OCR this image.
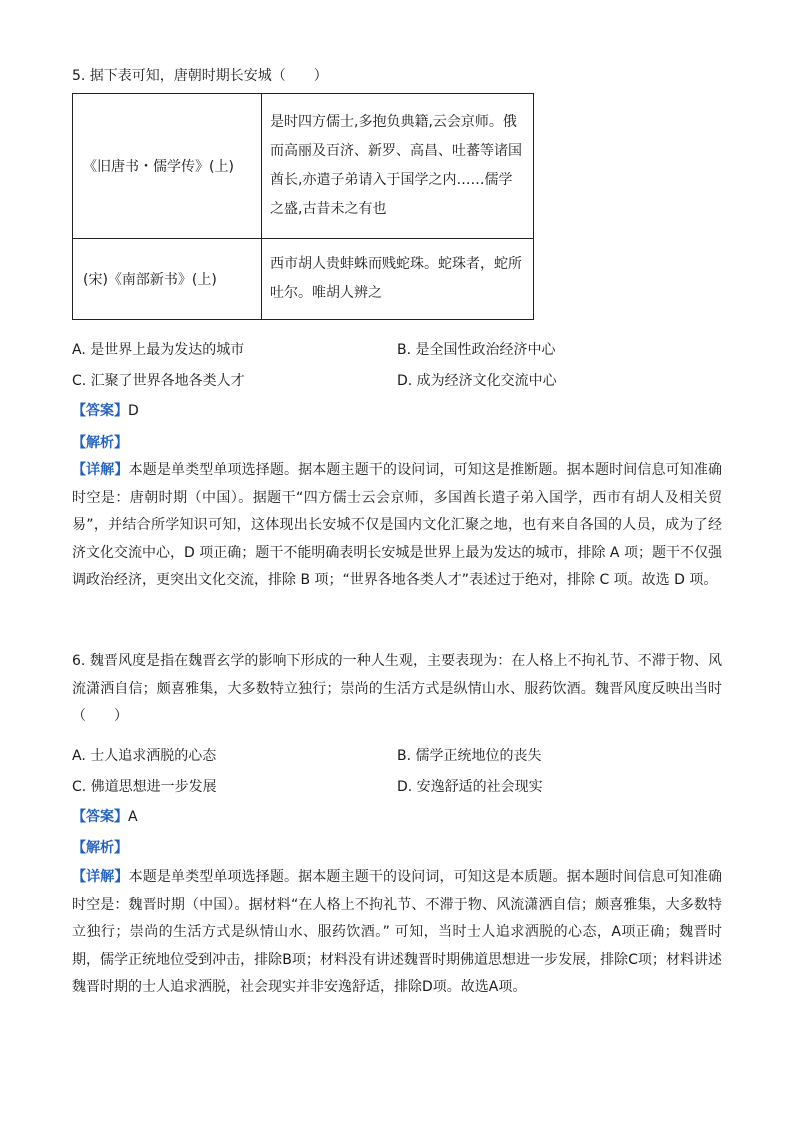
5. 据下表可知，唐朝时期长安城（　　）
《旧唐书・儒学传》(上)	是时四方儒士,多抱负典籍,云会京师。俄而高丽及百济、新罗、高昌、吐蕃等诸国酋长,亦遣子弟请入于国学之内……儒学之盛,古昔未之有也
(宋)《南部新书》(上)	西市胡人贵蚌蛛而贱蛇珠。蛇珠者，蛇所吐尔。唯胡人辨之
A. 是世界上最为发达的城市	B. 是全国性政治经济中心
C. 汇聚了世界各地各类人才	D. 成为经济文化交流中心
【答案】D
【解析】
【详解】本题是单类型单项选择题。据本题主题干的设问词，可知这是推断题。据本题时间信息可知准确时空是：唐朝时期（中国）。据题干“四方儒士云会京师，多国酋长遣子弟入国学，西市有胡人及相关贸易”，并结合所学知识可知，这体现出长安城不仅是国内文化汇聚之地，也有来自各国的人员，成为了经济文化交流中心，D 项正确；题干不能明确表明长安城是世界上最为发达的城市，排除 A 项；题干不仅强调政治经济，更突出文化交流，排除 B 项；“世界各地各类人才”表述过于绝对，排除 C 项。故选 D 项。
6. 魏晋风度是指在魏晋玄学的影响下形成的一种人生观，主要表现为：在人格上不拘礼节、不滞于物、风流潇洒自信；颇喜雅集，大多数特立独行；崇尚的生活方式是纵情山水、服药饮酒。魏晋风度反映出当时（　　）
A. 士人追求洒脱的心态	B. 儒学正统地位的丧失
C. 佛道思想进一步发展	D. 安逸舒适的社会现实
【答案】A
【解析】
【详解】本题是单类型单项选择题。据本题主题干的设问词，可知这是本质题。据本题时间信息可知准确时空是：魏晋时期（中国）。据材料“在人格上不拘礼节、不滞于物、风流潇洒自信；颇喜雅集，大多数特立独行；崇尚的生活方式是纵情山水、服药饮酒。” 可知，当时士人追求洒脱的心态，A项正确；魏晋时期，儒学正统地位受到冲击，排除B项；材料没有讲述魏晋时期佛道思想进一步发展，排除C项；材料讲述魏晋时期的士人追求洒脱，社会现实并非安逸舒适，排除D项。故选A项。
